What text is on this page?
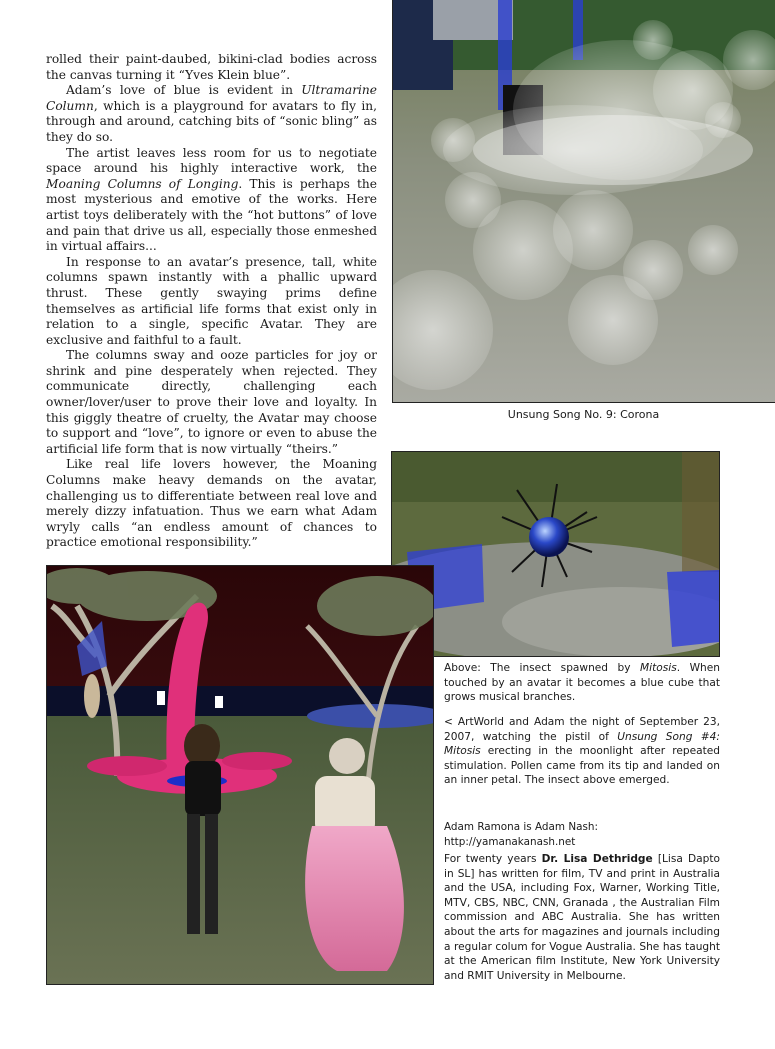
rolled their paint-daubed, bikini-clad bodies across the canvas turning it “Yves Klein blue”.

Adam’s love of blue is evident in Ultramarine Column, which is a playground for avatars to fly in, through and around, catching bits of “sonic bling” as they do so.

The artist leaves less room for us to negotiate space around his highly interactive work, the Moaning Columns of Longing. This is perhaps the most mysterious and emotive of the works. Here artist toys deliberately with the “hot buttons” of love and pain that drive us all, especially those enmeshed in virtual affairs...

In response to an avatar’s presence, tall, white columns spawn instantly with a phallic upward thrust. These gently swaying prims define themselves as artificial life forms that exist only in relation to a single, specific Avatar. They are exclusive and faithful to a fault.

The columns sway and ooze particles for joy or shrink and pine desperately when rejected. They communicate directly, challenging each owner/lover/user to prove their love and loyalty. In this giggly theatre of cruelty, the Avatar may choose to support and “love”, to ignore or even to abuse the artificial life form that is now virtually “theirs.”

Like real life lovers however, the Moaning Columns make heavy demands on the avatar, challenging us to differentiate between real love and merely dizzy infatuation. Thus we earn what Adam wryly calls “an endless amount of chances to practice emotional responsibility.”

Unsung Song No. 9: Corona

Above: The insect spawned by Mitosis. When touched by an avatar it becomes a blue cube that grows musical branches.

< ArtWorld and Adam the night of September 23, 2007, watching the pistil of Unsung Song #4: Mitosis erecting in the moonlight after repeated stimulation. Pollen came from its tip and landed on an inner petal. The insect above emerged.

Adam Ramona is Adam Nash: http://yamanakanash.net

For twenty years Dr. Lisa Dethridge [Lisa Dapto in SL] has written for film, TV and print in Australia and the USA, including Fox, Warner, Working Title, MTV, CBS, NBC, CNN, Granada , the Australian Film commission and ABC Australia. She has written about the arts for magazines and journals including a regular colum for Vogue Australia. She has taught at the American film Institute, New York University and RMIT University in Melbourne.
